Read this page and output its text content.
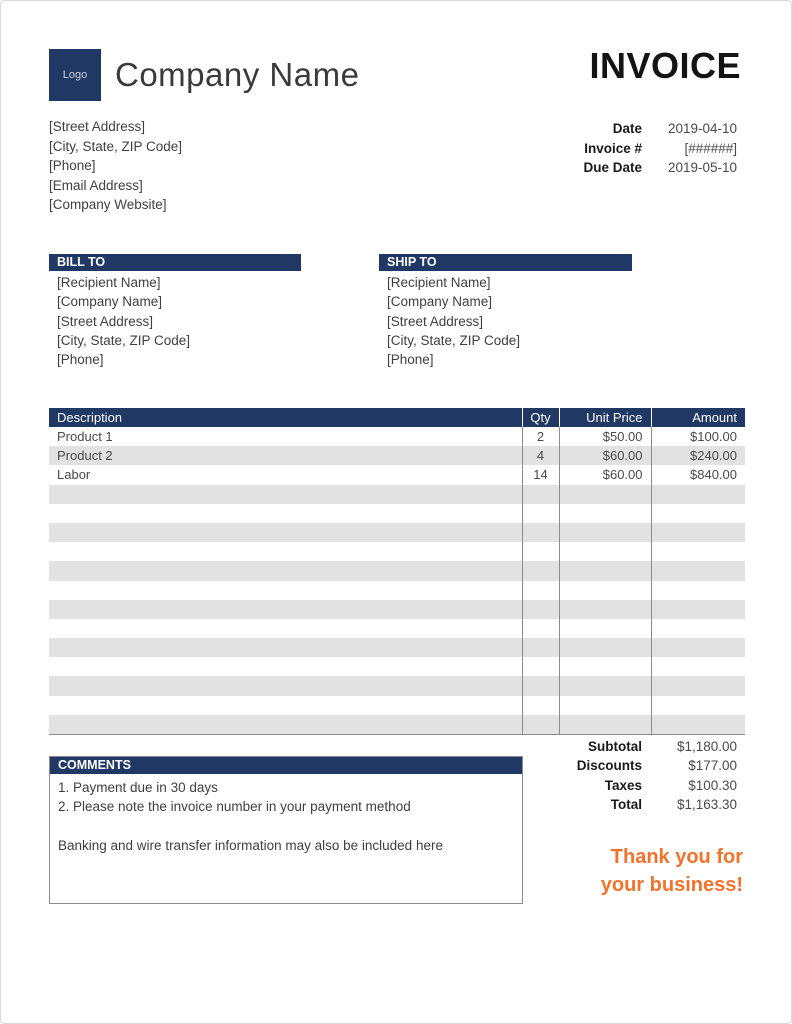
Logo Company Name	INVOICE
[Street Address]
[City, State, ZIP Code]
[Phone]
[Email Address]
[Company Website]
Date	2019-04-10
Invoice #	[######]
Due Date	2019-05-10
BILL TO
[Recipient Name]
[Company Name]
[Street Address]
[City, State, ZIP Code]
[Phone]
SHIP TO
[Recipient Name]
[Company Name]
[Street Address]
[City, State, ZIP Code]
[Phone]
Description	Qty	Unit Price	Amount
Product 1	2	$50.00	$100.00
Product 2	4	$60.00	$240.00
Labor	14	$60.00	$840.00

Subtotal	$1,180.00
Discounts	$177.00
Taxes	$100.30
Total	$1,163.30
COMMENTS
1. Payment due in 30 days
2. Please note the invoice number in your payment method
Banking and wire transfer information may also be included here
Thank you for
your business!
